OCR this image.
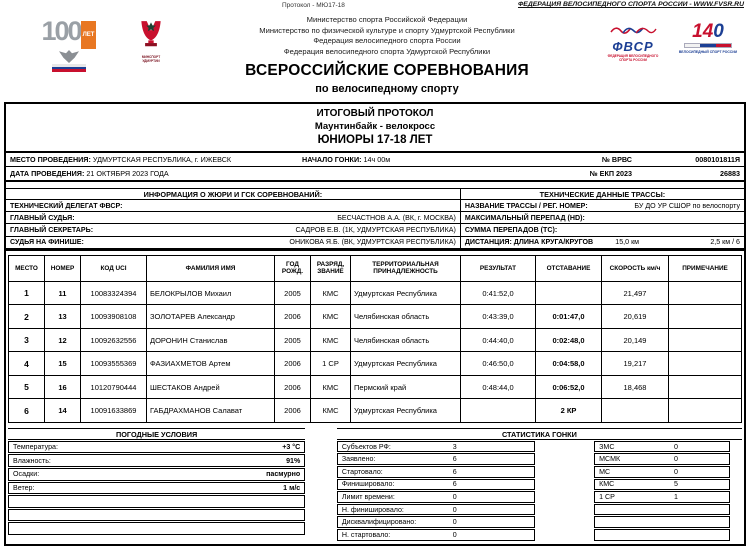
Протокол - МЮ17-18	ФЕДЕРАЦИЯ ВЕЛОСИПЕДНОГО СПОРТА РОССИИ - WWW.FVSR.RU
100 ЛЕТ
МИНСПОРТ УДМУРТИИ
Министерство спорта Российской Федерации
Министерство по физической культуре и спорту Удмуртской Республики
Федерация велосипедного спорта России
Федерация велосипедного спорта Удмуртской Республики
ВСЕРОССИЙСКИЕ СОРЕВНОВАНИЯ
по велосипедному спорту
ФВСР
ФЕДЕРАЦИЯ ВЕЛОСИПЕДНОГО СПОРТА РОССИИ
140
ВЕЛОСИПЕДНЫЙ СПОРТ РОССИИ
ИТОГОВЫЙ ПРОТОКОЛ
Маунтинбайк - велокросс
ЮНИОРЫ 17-18 ЛЕТ
МЕСТО ПРОВЕДЕНИЯ: УДМУРТСКАЯ РЕСПУБЛИКА, г. ИЖЕВСК	НАЧАЛО ГОНКИ: 14ч 00м	№ ВРВС	0080101811Я
ДАТА ПРОВЕДЕНИЯ: 21 ОКТЯБРЯ 2023 ГОДА	№ ЕКП 2023	26883
ИНФОРМАЦИЯ О ЖЮРИ И ГСК СОРЕВНОВАНИЙ:
ТЕХНИЧЕСКИЙ ДЕЛЕГАТ ФВСР:
ГЛАВНЫЙ СУДЬЯ:	БЕСЧАСТНОВ А.А. (ВК, г. МОСКВА)
ГЛАВНЫЙ СЕКРЕТАРЬ:	САДРОВ Е.В. (1К, УДМУРТСКАЯ РЕСПУБЛИКА)
СУДЬЯ НА ФИНИШЕ:	ОНИКОВА Я.Б. (ВК, УДМУРТСКАЯ РЕСПУБЛИКА)
ТЕХНИЧЕСКИЕ ДАННЫЕ ТРАССЫ:
НАЗВАНИЕ ТРАССЫ / РЕГ. НОМЕР:	БУ ДО УР СШОР по велоспорту
МАКСИМАЛЬНЫЙ ПЕРЕПАД (HD):
СУММА ПЕРЕПАДОВ (ТС):
ДИСТАНЦИЯ: ДЛИНА КРУГА/КРУГОВ	15,0 км	2,5 км / 6
МЕСТО	НОМЕР	КОД UCI	ФАМИЛИЯ ИМЯ	ГОД РОЖД.	РАЗРЯД, ЗВАНИЕ	ТЕРРИТОРИАЛЬНАЯ ПРИНАДЛЕЖНОСТЬ	РЕЗУЛЬТАТ	ОТСТАВАНИЕ	СКОРОСТЬ км/ч	ПРИМЕЧАНИЕ
1	11	10083324394	БЕЛОКРЫЛОВ Михаил	2005	КМС	Удмуртская Республика	0:41:52,0		21,497	
2	13	10093908108	ЗОЛОТАРЕВ Александр	2006	КМС	Челябинская область	0:43:39,0	0:01:47,0	20,619	
3	12	10092632556	ДОРОНИН Станислав	2005	КМС	Челябинская область	0:44:40,0	0:02:48,0	20,149	
4	15	10093555369	ФАЗИАХМЕТОВ Артем	2006	1 СР	Удмуртская Республика	0:46:50,0	0:04:58,0	19,217	
5	16	10120790444	ШЕСТАКОВ Андрей	2006	КМС	Пермский край	0:48:44,0	0:06:52,0	18,468	
6	14	10091633869	ГАБДРАХМАНОВ Салават	2006	КМС	Удмуртская Республика		2 КР		
ПОГОДНЫЕ УСЛОВИЯ
Температура:	+3 °C
Влажность:	91%
Осадки:	пасмурно
Ветер:	1 м/с
СТАТИСТИКА ГОНКИ
Субъектов РФ:	3
Заявлено:	6
Стартовало:	6
Финишировало:	6
Лимит времени:	0
Н. финишировало:	0
Дисквалифицировано:	0
Н. стартовало:	0
ЗМС	0
МСМК	0
МС	0
КМС	5
1 СР	1
